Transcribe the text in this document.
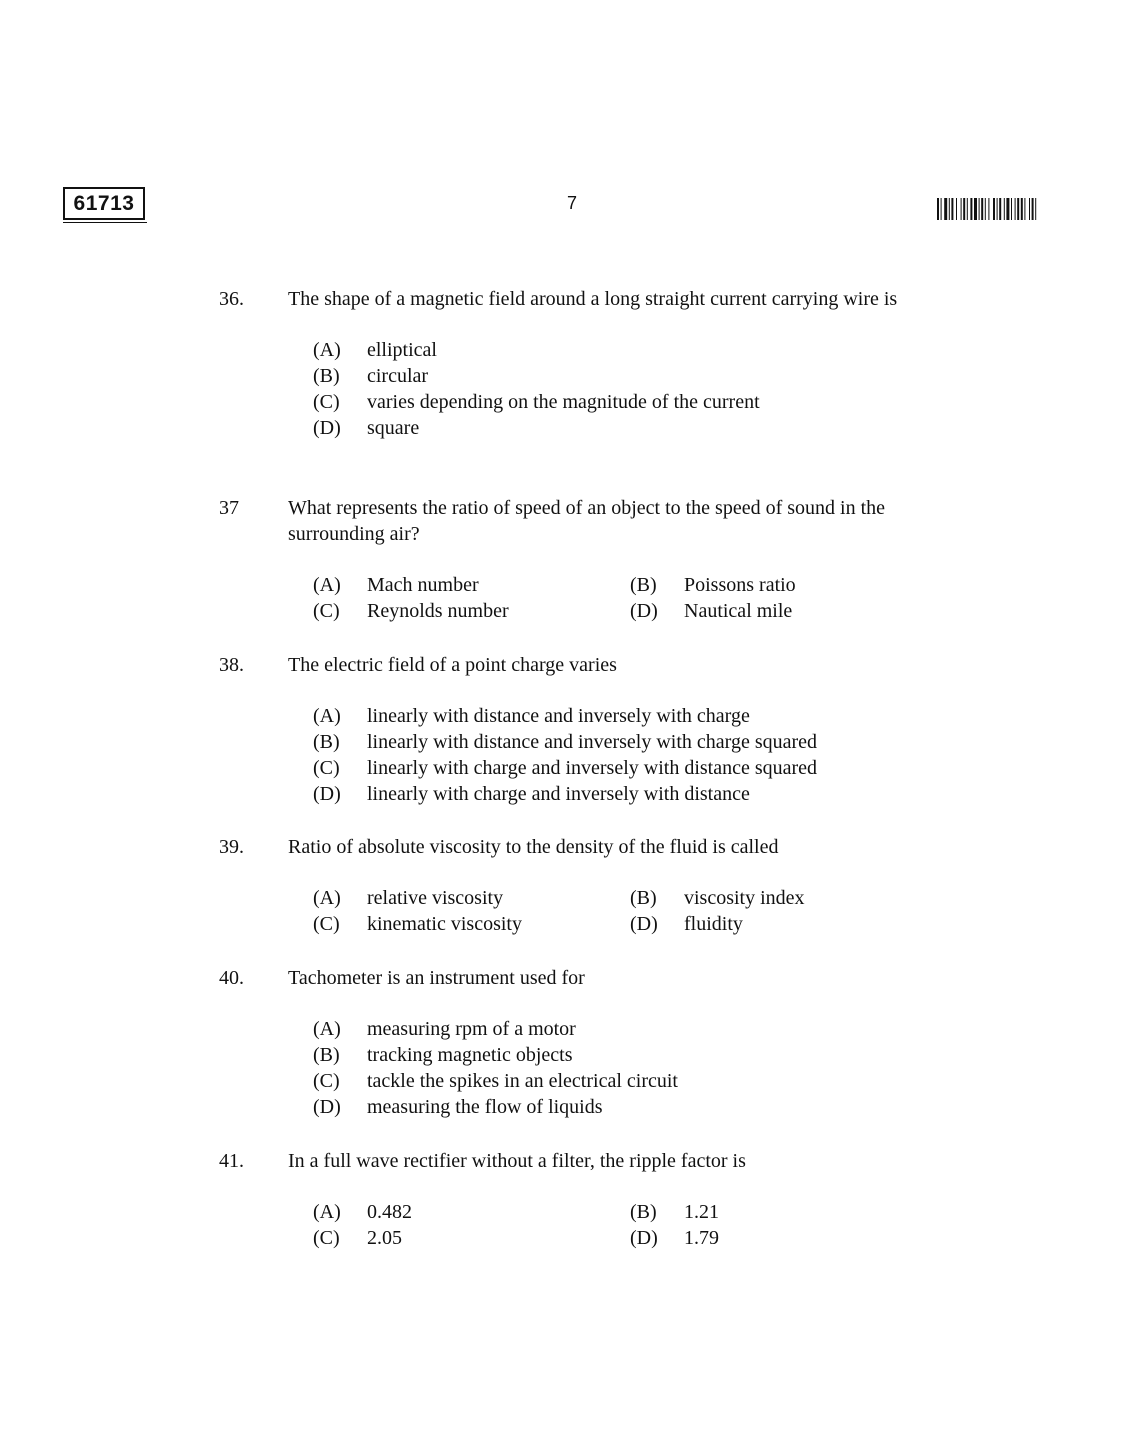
61713	7
36. The shape of a magnetic field around a long straight current carrying wire is
(A)	elliptical
(B)	circular
(C)	varies depending on the magnitude of the current
(D)	square
37 What represents the ratio of speed of an object to the speed of sound in the surrounding air?
(A)	Mach number	(B)	Poissons ratio
(C)	Reynolds number	(D)	Nautical mile
38. The electric field of a point charge varies
(A)	linearly with distance and inversely with charge
(B)	linearly with distance and inversely with charge squared
(C)	linearly with charge and inversely with distance squared
(D)	linearly with charge and inversely with distance
39. Ratio of absolute viscosity to the density of the fluid is called
(A)	relative viscosity	(B)	viscosity index
(C)	kinematic viscosity	(D)	fluidity
40. Tachometer is an instrument used for
(A)	measuring rpm of a motor
(B)	tracking magnetic objects
(C)	tackle the spikes in an electrical circuit
(D)	measuring the flow of liquids
41. In a full wave rectifier without a filter, the ripple factor is
(A)	0.482	(B)	1.21
(C)	2.05	(D)	1.79
